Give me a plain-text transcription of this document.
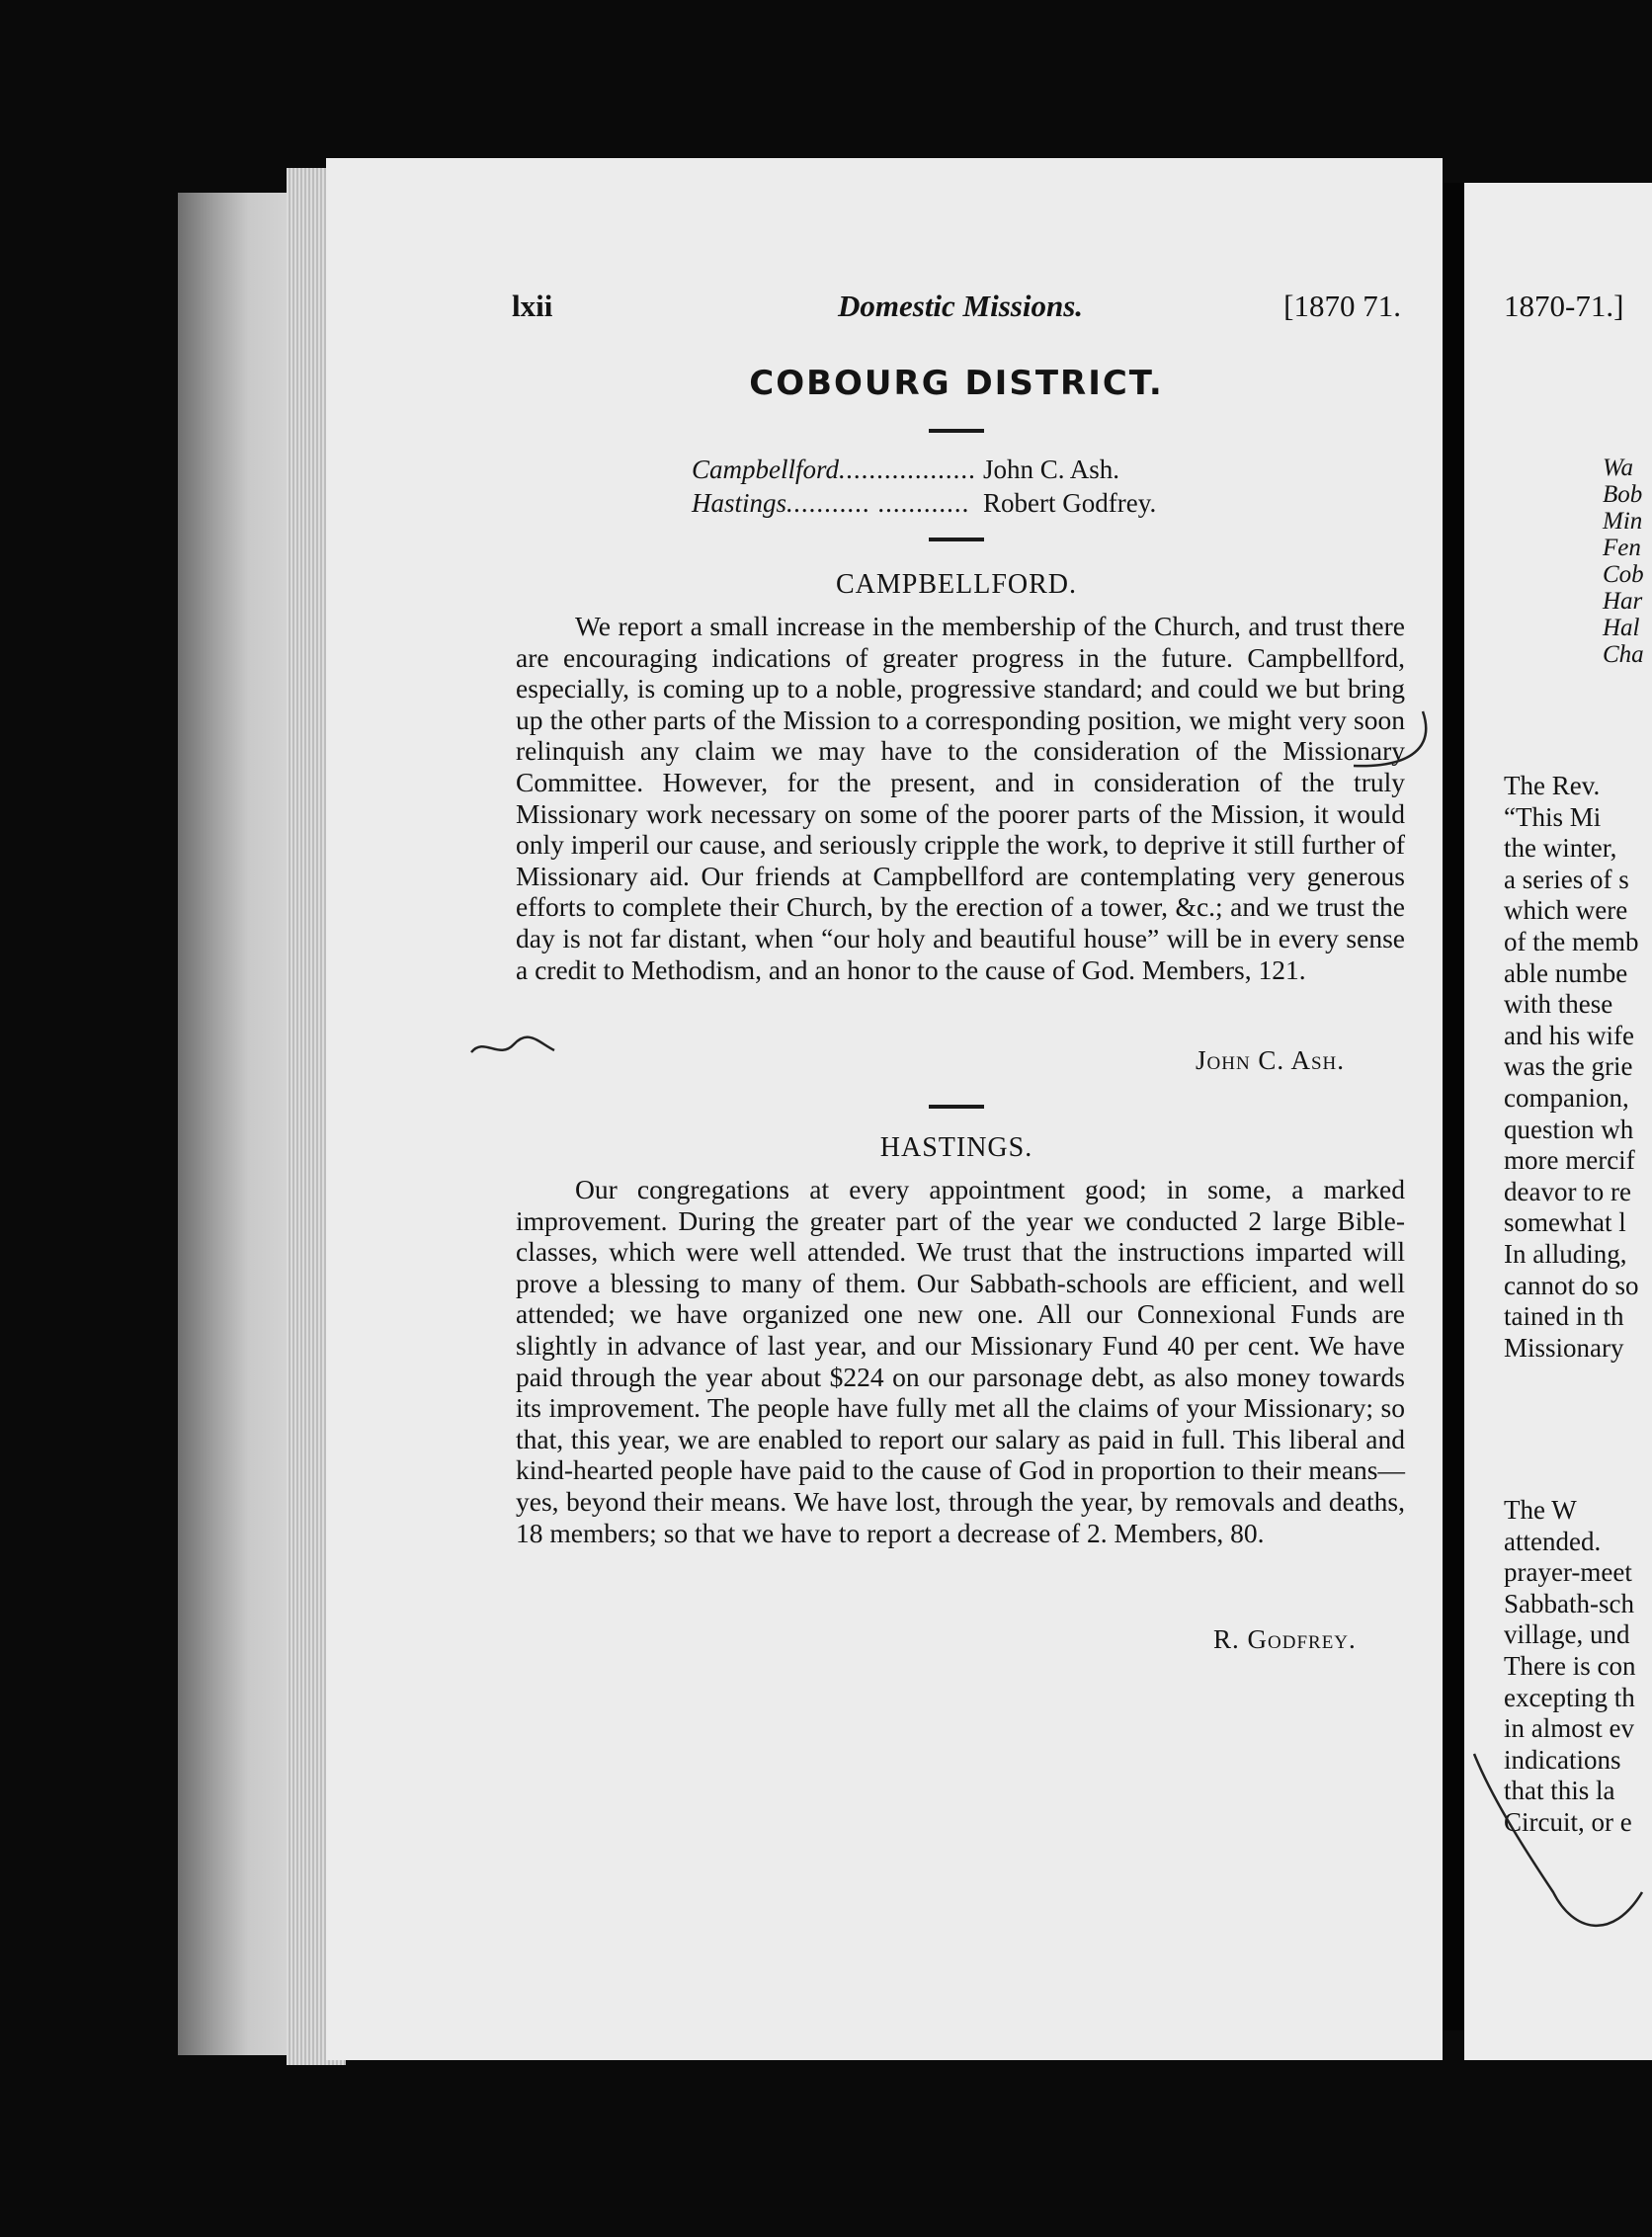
lxii	Domestic Missions.	[1870 71.
COBOURG DISTRICT.
Campbellford.................. John C. Ash.
Hastings........... ............ Robert Godfrey.
CAMPBELLFORD.

We report a small increase in the membership of the Church, and trust there are encouraging indications of greater progress in the future. Campbellford, especially, is coming up to a noble, progressive standard; and could we but bring up the other parts of the Mission to a corresponding position, we might very soon relinquish any claim we may have to the consideration of the Missionary Committee. However, for the present, and in consideration of the truly Missionary work necessary on some of the poorer parts of the Mission, it would only imperil our cause, and seriously cripple the work, to deprive it still further of Missionary aid. Our friends at Campbellford are contemplating very generous efforts to complete their Church, by the erection of a tower, &c.; and we trust the day is not far distant, when “our holy and beautiful house” will be in every sense a credit to Methodism, and an honor to the cause of God. Members, 121.

John C. Ash.
HASTINGS.

Our congregations at every appointment good; in some, a marked improvement. During the greater part of the year we conducted 2 large Bible-classes, which were well attended. We trust that the instructions imparted will prove a blessing to many of them. Our Sabbath-schools are efficient, and well attended; we have organized one new one. All our Connexional Funds are slightly in advance of last year, and our Missionary Fund 40 per cent. We have paid through the year about $224 on our parsonage debt, as also money towards its improvement. The people have fully met all the claims of your Missionary; so that, this year, we are enabled to report our salary as paid in full. This liberal and kind-hearted people have paid to the cause of God in proportion to their means—yes, beyond their means. We have lost, through the year, by removals and deaths, 18 members; so that we have to report a decrease of 2. Members, 80.

R. Godfrey.
1870-71.]
Wa
Bob
Min
Fen
Cob
Har
Hal
Cha
The Rev.
“This Mi
the winter,
a series of s
which were
of the memb
able numbe
with these
and his wife
was the grie
companion,
question wh
more mercif
deavor to re
somewhat l
In alluding,
cannot do so
tained in th
Missionary
The W
attended.
prayer-meet
Sabbath-sch
village, und
There is con
excepting th
in almost ev
indications
that this la
Circuit, or e
